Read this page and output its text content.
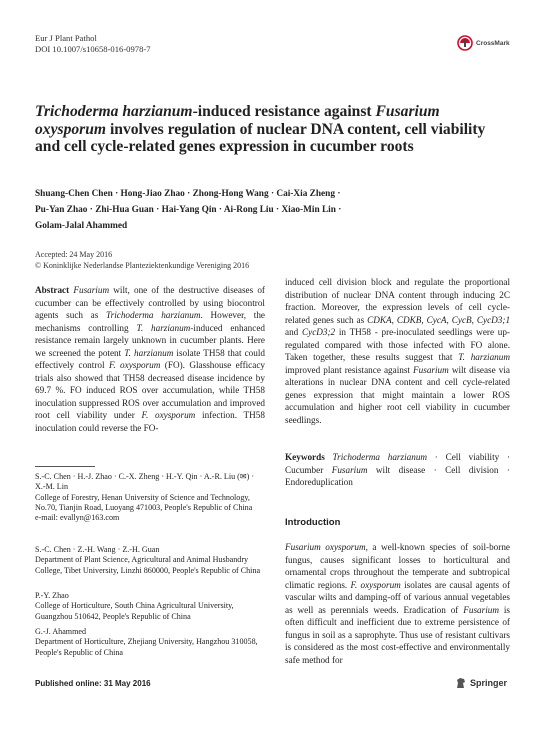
Eur J Plant Pathol
DOI 10.1007/s10658-016-0978-7
CrossMark
Trichoderma harzianum-induced resistance against Fusarium oxysporum involves regulation of nuclear DNA content, cell viability and cell cycle-related genes expression in cucumber roots
Shuang-Chen Chen · Hong-Jiao Zhao · Zhong-Hong Wang · Cai-Xia Zheng ·
Pu-Yan Zhao · Zhi-Hua Guan · Hai-Yang Qin · Ai-Rong Liu · Xiao-Min Lin ·
Golam-Jalal Ahammed
Accepted: 24 May 2016
© Koninklijke Nederlandse Planteziektenkundige Vereniging 2016
Abstract Fusarium wilt, one of the destructive diseases of cucumber can be effectively controlled by using biocontrol agents such as Trichoderma harzianum. However, the mechanisms controlling T. harzianum-induced enhanced resistance remain largely unknown in cucumber plants. Here we screened the potent T. harzianum isolate TH58 that could effectively control F. oxysporum (FO). Glasshouse efficacy trials also showed that TH58 decreased disease incidence by 69.7 %. FO induced ROS over accumulation, while TH58 inoculation suppressed ROS over accumulation and improved root cell viability under F. oxysporum infection. TH58 inoculation could reverse the FO-
induced cell division block and regulate the proportional distribution of nuclear DNA content through inducing 2C fraction. Moreover, the expression levels of cell cycle-related genes such as CDKA, CDKB, CycA, CycB, CycD3;1 and CycD3;2 in TH58 - pre-inoculated seedlings were up-regulated compared with those infected with FO alone. Taken together, these results suggest that T. harzianum improved plant resistance against Fusarium wilt disease via alterations in nuclear DNA content and cell cycle-related genes expression that might maintain a lower ROS accumulation and higher root cell viability in cucumber seedlings.
Keywords Trichoderma harzianum · Cell viability · Cucumber Fusarium wilt disease · Cell division · Endoreduplication
S.-C. Chen · H.-J. Zhao · C.-X. Zheng · H.-Y. Qin · A.-R. Liu (✉) · X.-M. Lin
College of Forestry, Henan University of Science and Technology, No.70, Tianjin Road, Luoyang 471003, People's Republic of China
e-mail: evallyn@163.com
S.-C. Chen · Z.-H. Wang · Z.-H. Guan
Department of Plant Science, Agricultural and Animal Husbandry College, Tibet University, Linzhi 860000, People's Republic of China
P.-Y. Zhao
College of Horticulture, South China Agricultural University, Guangzhou 510642, People's Republic of China
G.-J. Ahammed
Department of Horticulture, Zhejiang University, Hangzhou 310058, People's Republic of China
Introduction
Fusarium oxysporum, a well-known species of soil-borne fungus, causes significant losses to horticultural and ornamental crops throughout the temperate and subtropical climatic regions. F. oxysporum isolates are causal agents of vascular wilts and damping-off of various annual vegetables as well as perennials weeds. Eradication of Fusarium is often difficult and inefficient due to extreme persistence of fungus in soil as a saprophyte. Thus use of resistant cultivars is considered as the most cost-effective and environmentally safe method for
Published online: 31 May 2016	Springer
